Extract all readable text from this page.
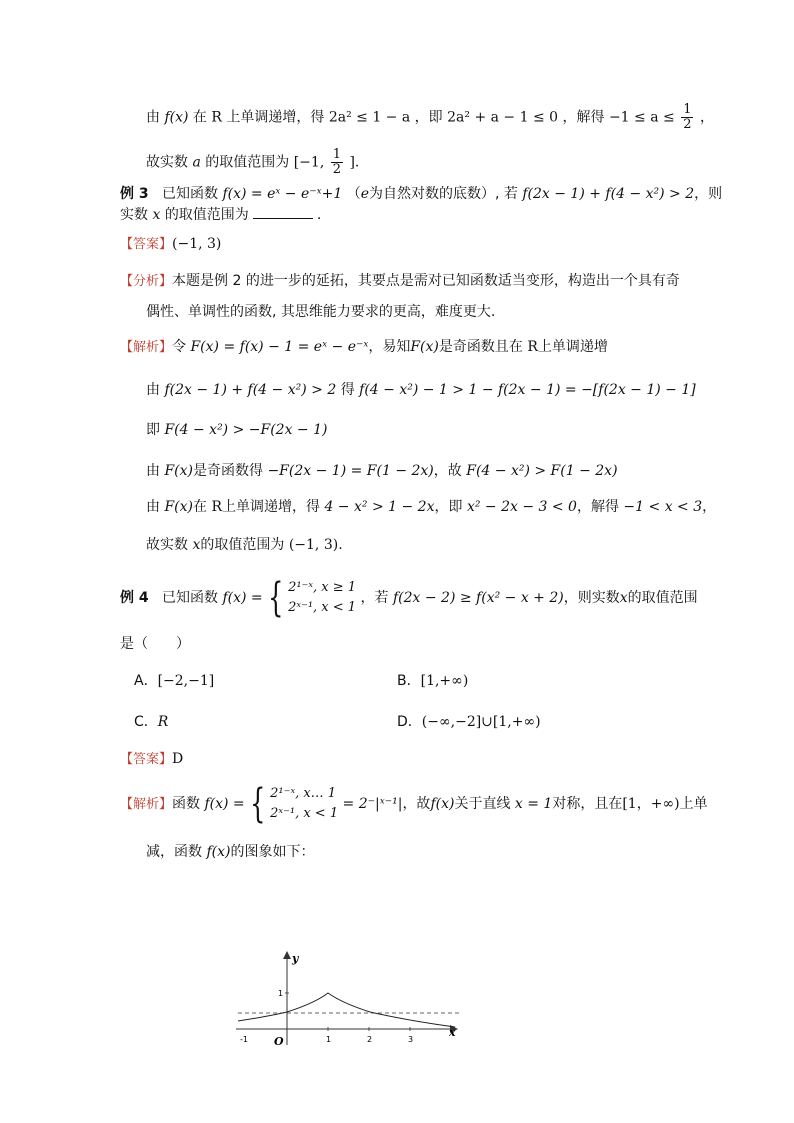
由 f(x) 在 R 上单调递增，得 2a² ≤ 1 − a ，即 2a² + a − 1 ≤ 0 ，解得 $-1 \le a \le \frac{1}{2}$ ，
故实数 a 的取值范围为 [−1, $\frac{1}{2}$ ].
例 3 已知函数 f(x) = eˣ − e⁻ˣ+1 （e为自然对数的底数）, 若 f(2x − 1) + f(4 − x²) > 2，则
实数 x 的取值范围为	.
【答案】(−1, 3)
【分析】本题是例 2 的进一步的延拓，其要点是需对已知函数适当变形，构造出一个具有奇
偶性、单调性的函数, 其思维能力要求的更高，难度更大.
【解析】令 F(x) = f(x) − 1 = eˣ − e⁻ˣ，易知F(x)是奇函数且在 R上单调递增
由 f(2x − 1) + f(4 − x²) > 2 得 f(4 − x²) − 1 > 1 − f(2x − 1) = −[f(2x − 1) − 1]
即 F(4 − x²) > −F(2x − 1)
由 F(x)是奇函数得 −F(2x − 1) = F(1 − 2x)，故 F(4 − x²) > F(1 − 2x)
由 F(x)在 R上单调递增，得 4 − x² > 1 − 2x，即 x² − 2x − 3 < 0，解得 −1 < x < 3，
故实数 x的取值范围为 (−1, 3).
例 4 已知函数 f(x) = { 2¹⁻ˣ, x ≥ 1
2ˣ⁻¹, x < 1
，若 f(2x − 2) ≥ f(x² − x + 2)，则实数x的取值范围
是（　　）
A．[−2,−1]	B．[1,+∞)
C．R	D．(−∞,−2]∪[1,+∞)
【答案】D
【解析】函数 f(x) = { 2¹⁻ˣ, x… 1
2ˣ⁻¹, x < 1
= 2⁻|ˣ⁻¹|，故f(x)关于直线 x = 1对称，且在[1，+∞)上单
减，函数 f(x)的图象如下：
y
x
O
-1	1	2	3
1
